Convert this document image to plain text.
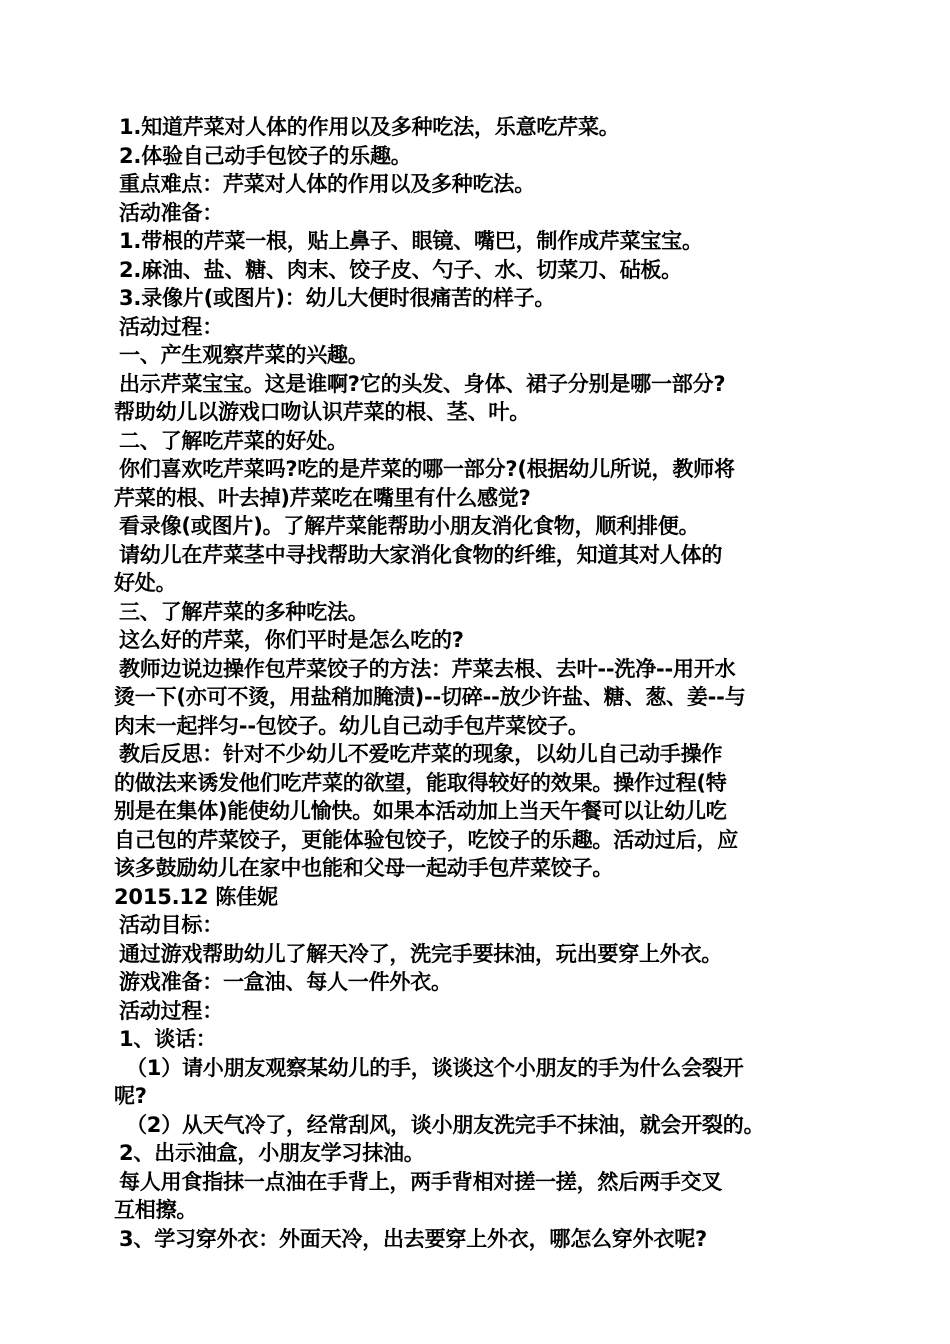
1.知道芹菜对人体的作用以及多种吃法，乐意吃芹菜。
2.体验自己动手包饺子的乐趣。
重点难点：芹菜对人体的作用以及多种吃法。
活动准备：
1.带根的芹菜一根，贴上鼻子、眼镜、嘴巴，制作成芹菜宝宝。
2.麻油、盐、糖、肉末、饺子皮、勺子、水、切菜刀、砧板。
3.录像片(或图片)：幼儿大便时很痛苦的样子。
活动过程：
一、产生观察芹菜的兴趣。
出示芹菜宝宝。这是谁啊?它的头发、身体、裙子分别是哪一部分?
帮助幼儿以游戏口吻认识芹菜的根、茎、叶。
二、了解吃芹菜的好处。
你们喜欢吃芹菜吗?吃的是芹菜的哪一部分?(根据幼儿所说，教师将
芹菜的根、叶去掉)芹菜吃在嘴里有什么感觉?
看录像(或图片)。了解芹菜能帮助小朋友消化食物，顺利排便。
请幼儿在芹菜茎中寻找帮助大家消化食物的纤维，知道其对人体的
好处。
三、了解芹菜的多种吃法。
这么好的芹菜，你们平时是怎么吃的?
教师边说边操作包芹菜饺子的方法：芹菜去根、去叶--洗净--用开水
烫一下(亦可不烫，用盐稍加腌渍)--切碎--放少许盐、糖、葱、姜--与
肉末一起拌匀--包饺子。幼儿自己动手包芹菜饺子。
教后反思：针对不少幼儿不爱吃芹菜的现象，以幼儿自己动手操作
的做法来诱发他们吃芹菜的欲望，能取得较好的效果。操作过程(特
别是在集体)能使幼儿愉快。如果本活动加上当天午餐可以让幼儿吃
自己包的芹菜饺子，更能体验包饺子，吃饺子的乐趣。活动过后，应
该多鼓励幼儿在家中也能和父母一起动手包芹菜饺子。
2015.12 陈佳妮
活动目标：
通过游戏帮助幼儿了解天冷了，洗完手要抹油，玩出要穿上外衣。
游戏准备：一盒油、每人一件外衣。
活动过程：
1、谈话：
（1）请小朋友观察某幼儿的手，谈谈这个小朋友的手为什么会裂开
呢?
（2）从天气冷了，经常刮风，谈小朋友洗完手不抹油，就会开裂的。
2、出示油盒，小朋友学习抹油。
每人用食指抹一点油在手背上，两手背相对搓一搓，然后两手交叉
互相擦。
3、学习穿外衣：外面天冷，出去要穿上外衣，哪怎么穿外衣呢?
